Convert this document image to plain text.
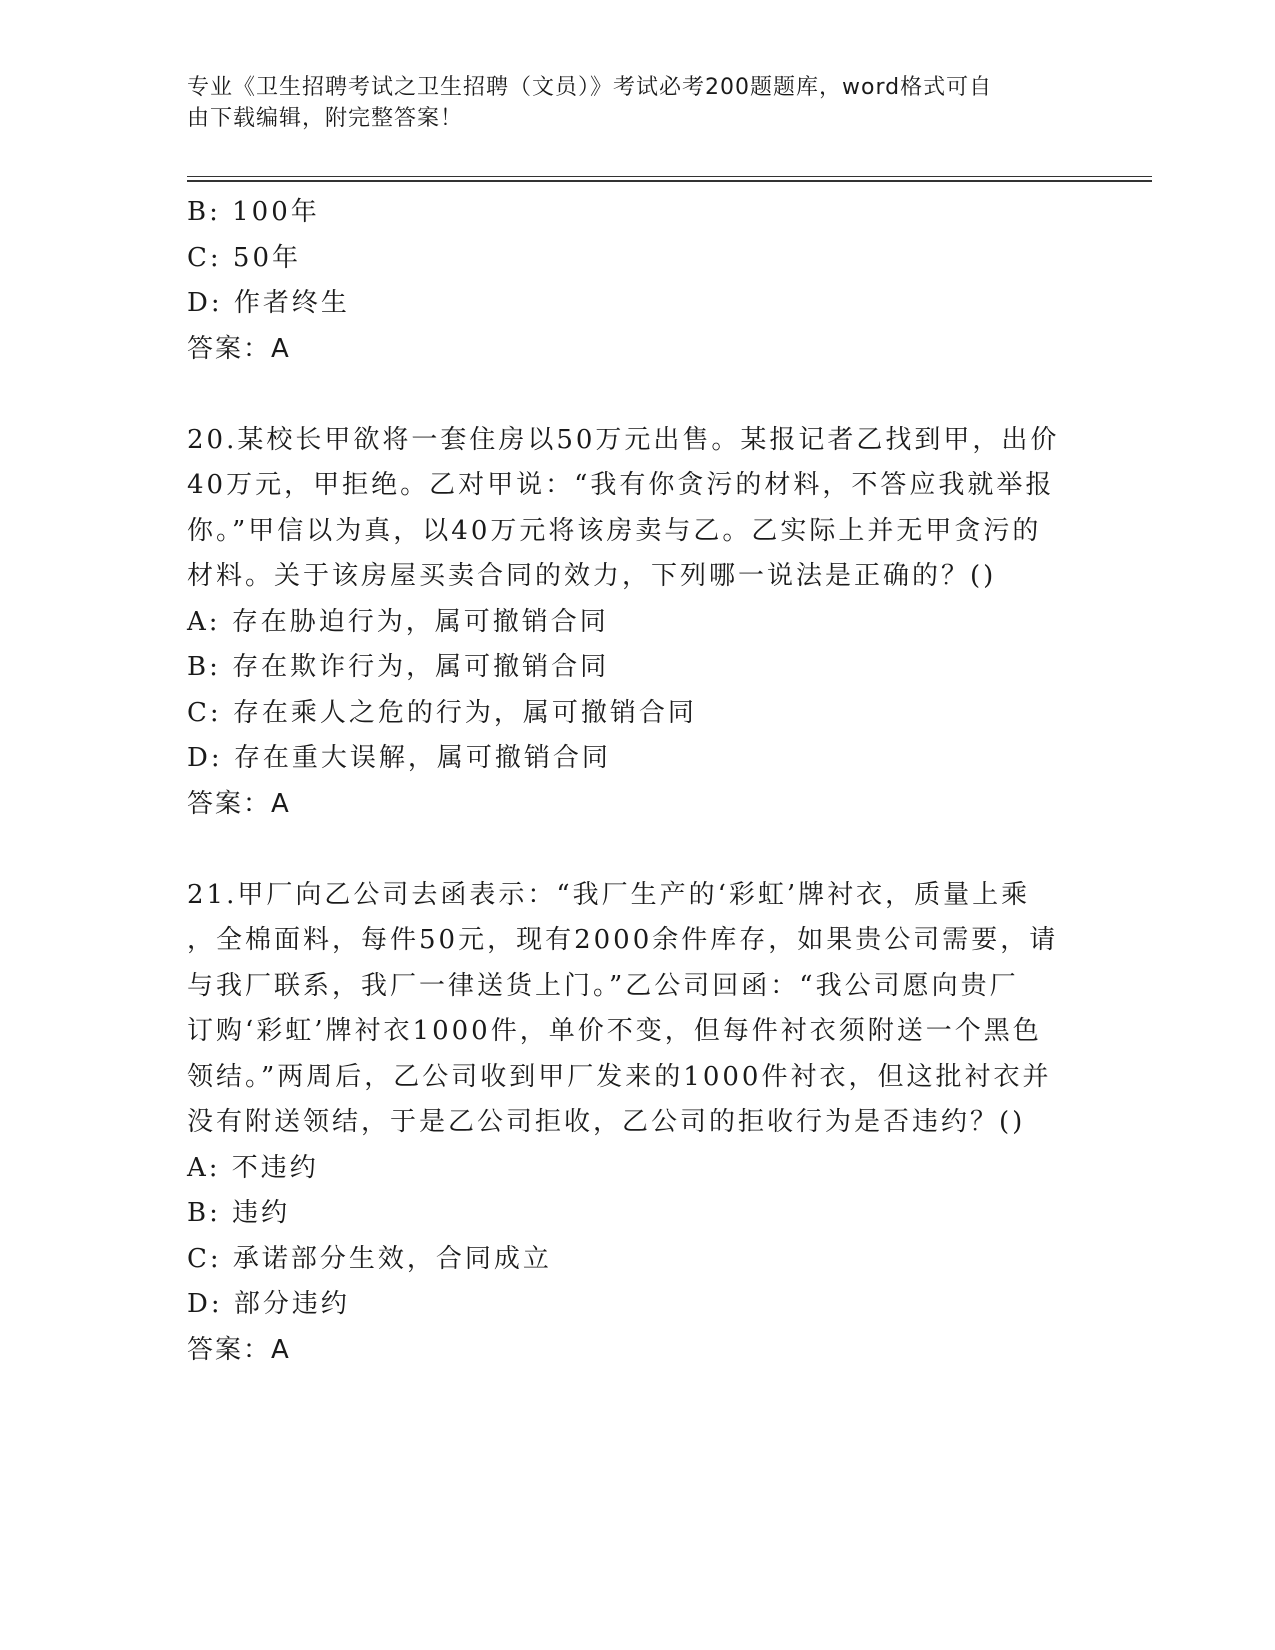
专业《卫生招聘考试之卫生招聘（文员）》考试必考200题题库，word格式可自
由下载编辑，附完整答案！
B: 100年
C: 50年
D: 作者终生
答案：A
20.某校长甲欲将一套住房以50万元出售。某报记者乙找到甲，出价
40万元，甲拒绝。乙对甲说：“我有你贪污的材料，不答应我就举报
你。”甲信以为真，以40万元将该房卖与乙。乙实际上并无甲贪污的
材料。关于该房屋买卖合同的效力，下列哪一说法是正确的？()
A: 存在胁迫行为，属可撤销合同
B: 存在欺诈行为，属可撤销合同
C: 存在乘人之危的行为，属可撤销合同
D: 存在重大误解，属可撤销合同
答案：A
21.甲厂向乙公司去函表示：“我厂生产的‘彩虹’牌衬衣，质量上乘
，全棉面料，每件50元，现有2000余件库存，如果贵公司需要，请
与我厂联系，我厂一律送货上门。”乙公司回函：“我公司愿向贵厂
订购‘彩虹’牌衬衣1000件，单价不变，但每件衬衣须附送一个黑色
领结。”两周后，乙公司收到甲厂发来的1000件衬衣，但这批衬衣并
没有附送领结，于是乙公司拒收，乙公司的拒收行为是否违约？()
A: 不违约
B: 违约
C: 承诺部分生效，合同成立
D: 部分违约
答案：A
